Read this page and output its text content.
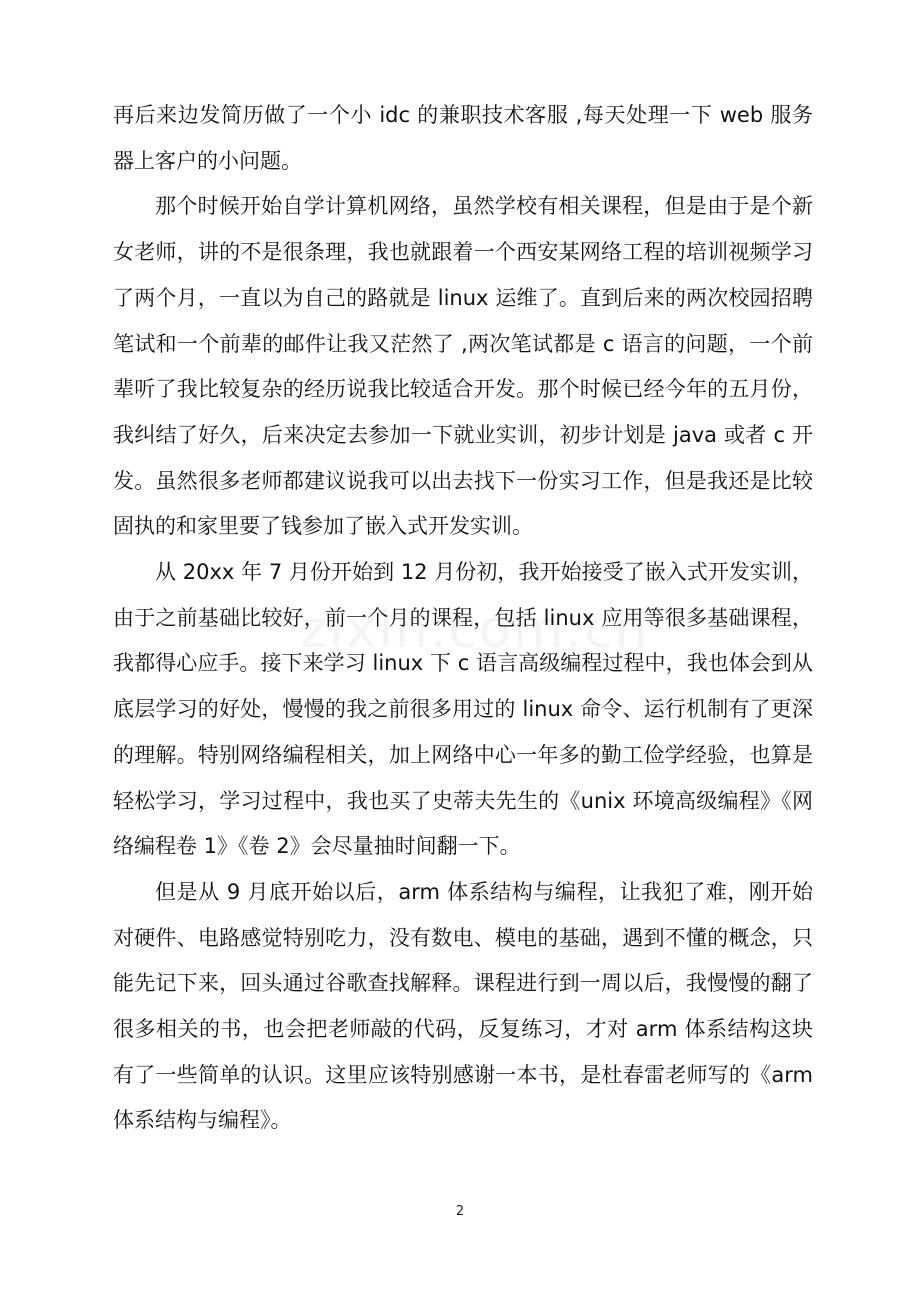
再后来边发简历做了一个小 idc 的兼职技术客服 ,每天处理一下 web 服务器上客户的小问题。

那个时候开始自学计算机网络，虽然学校有相关课程，但是由于是个新女老师，讲的不是很条理，我也就跟着一个西安某网络工程的培训视频学习了两个月，一直以为自己的路就是 linux 运维了。直到后来的两次校园招聘笔试和一个前辈的邮件让我又茫然了 ,两次笔试都是 c 语言的问题，一个前辈听了我比较复杂的经历说我比较适合开发。那个时候已经今年的五月份，我纠结了好久，后来决定去参加一下就业实训，初步计划是 java 或者 c 开发。虽然很多老师都建议说我可以出去找下一份实习工作，但是我还是比较固执的和家里要了钱参加了嵌入式开发实训。

从 20xx 年 7 月份开始到 12 月份初，我开始接受了嵌入式开发实训，由于之前基础比较好，前一个月的课程，包括 linux 应用等很多基础课程，我都得心应手。接下来学习 linux 下 c 语言高级编程过程中，我也体会到从底层学习的好处，慢慢的我之前很多用过的 linux 命令、运行机制有了更深的理解。特别网络编程相关，加上网络中心一年多的勤工俭学经验，也算是轻松学习，学习过程中，我也买了史蒂夫先生的《unix 环境高级编程》《网络编程卷 1》《卷 2》会尽量抽时间翻一下。

但是从 9 月底开始以后，arm 体系结构与编程，让我犯了难，刚开始对硬件、电路感觉特别吃力，没有数电、模电的基础，遇到不懂的概念，只能先记下来，回头通过谷歌查找解释。课程进行到一周以后，我慢慢的翻了很多相关的书，也会把老师敲的代码，反复练习，才对 arm 体系结构这块有了一些简单的认识。这里应该特别感谢一本书，是杜春雷老师写的《arm 体系结构与编程》。

2
